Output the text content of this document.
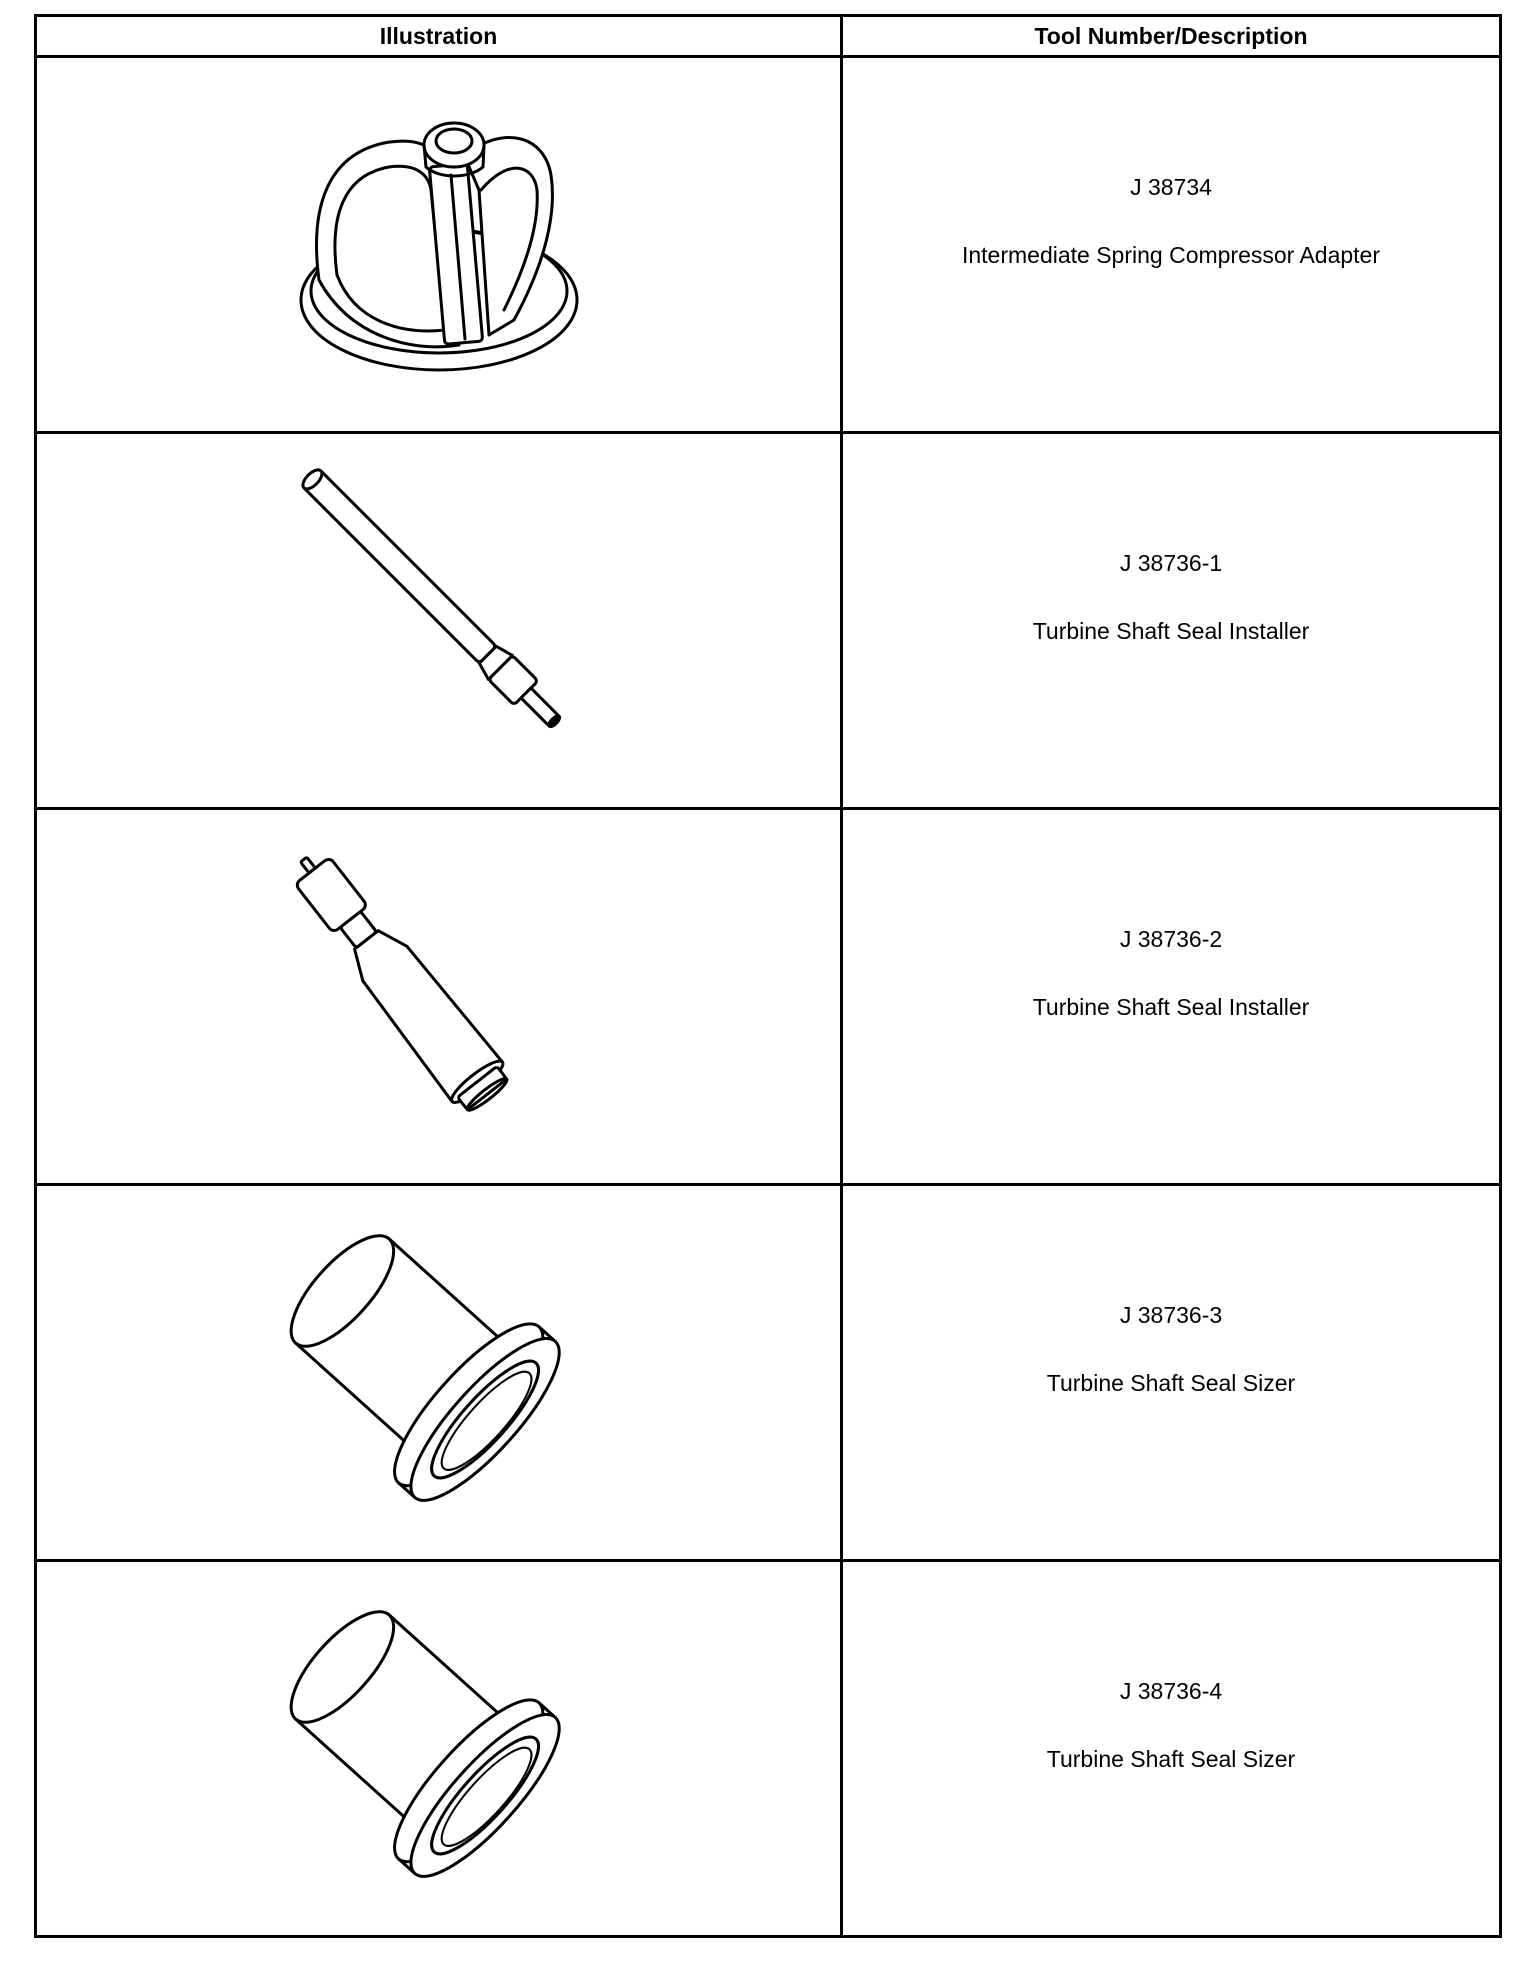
Illustration	Tool Number/Description

J 38734
Intermediate Spring Compressor Adapter

J 38736-1
Turbine Shaft Seal Installer

J 38736-2
Turbine Shaft Seal Installer

J 38736-3
Turbine Shaft Seal Sizer

J 38736-4
Turbine Shaft Seal Sizer
